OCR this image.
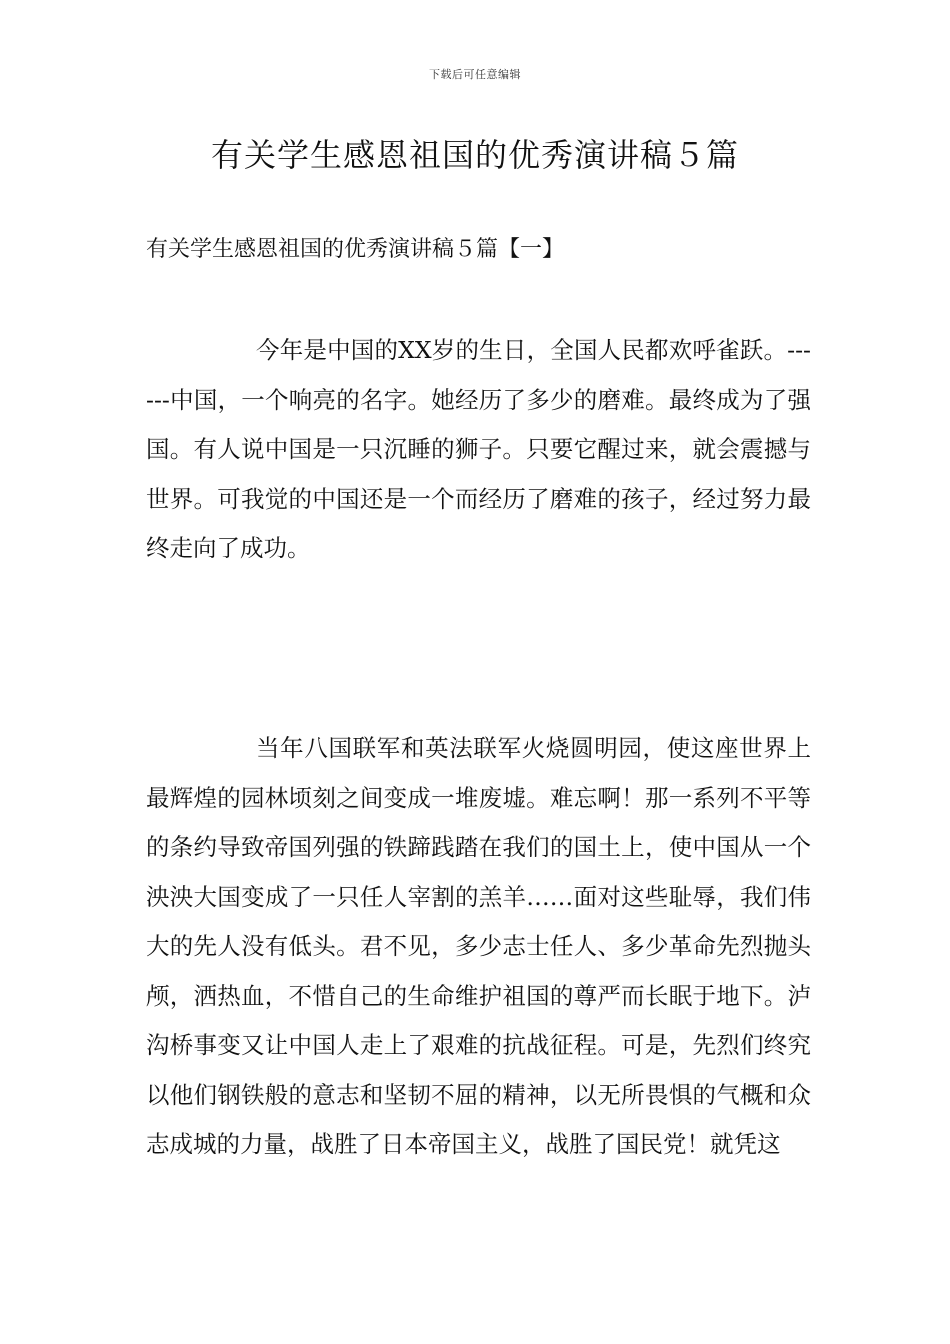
下载后可任意编辑
有关学生感恩祖国的优秀演讲稿５篇
有关学生感恩祖国的优秀演讲稿５篇【一】

今年是中国的XX岁的生日，全国人民都欢呼雀跃。------中国，一个响亮的名字。她经历了多少的磨难。最终成为了强国。有人说中国是一只沉睡的狮子。只要它醒过来，就会震撼与世界。可我觉的中国还是一个而经历了磨难的孩子，经过努力最终走向了成功。

当年八国联军和英法联军火烧圆明园，使这座世界上最辉煌的园林顷刻之间变成一堆废墟。难忘啊！那一系列不平等的条约导致帝国列强的铁蹄践踏在我们的国土上，使中国从一个泱泱大国变成了一只任人宰割的羔羊……面对这些耻辱，我们伟大的先人没有低头。君不见，多少志士任人、多少革命先烈抛头颅，洒热血，不惜自己的生命维护祖国的尊严而长眠于地下。泸沟桥事变又让中国人走上了艰难的抗战征程。可是，先烈们终究以他们钢铁般的意志和坚韧不屈的精神，以无所畏惧的气概和众志成城的力量，战胜了日本帝国主义，战胜了国民党！就凭这
